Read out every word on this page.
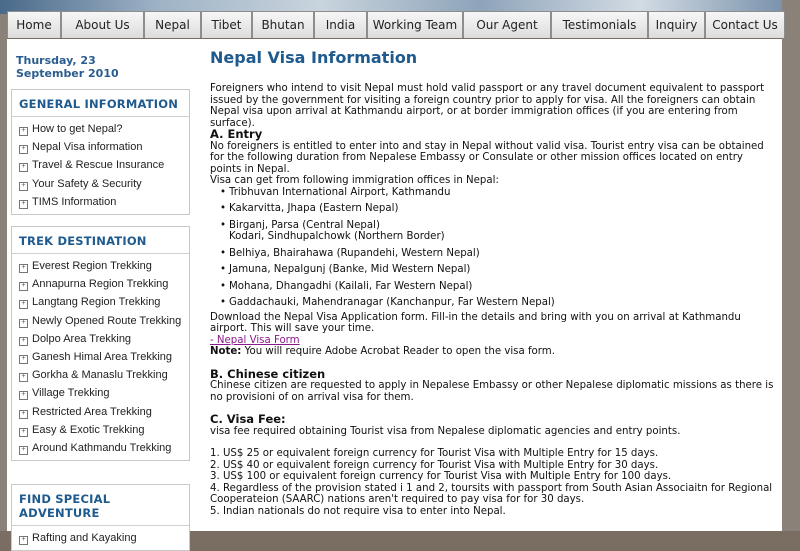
Home	About Us	Nepal	Tibet	Bhutan	India	Working Team	Our Agent	Testimonials	Inquiry	Contact Us
Thursday, 23 September 2010
GENERAL INFORMATION
+ How to get Nepal?
+ Nepal Visa information
+ Travel & Rescue Insurance
+ Your Safety & Security
+ TIMS Information
TREK DESTINATION
+ Everest Region Trekking
+ Annapurna Region Trekking
+ Langtang Region Trekking
+ Newly Opened Route Trekking
+ Dolpo Area Trekking
+ Ganesh Himal Area Trekking
+ Gorkha & Manaslu Trekking
+ Village Trekking
+ Restricted Area Trekking
+ Easy & Exotic Trekking
+ Around Kathmandu Trekking
FIND SPECIAL ADVENTURE
+ Rafting and Kayaking
Nepal Visa Information

Foreigners who intend to visit Nepal must hold valid passport or any travel document equivalent to passport issued by the government for visiting a foreign country prior to apply for visa. All the foreigners can obtain Nepal visa upon arrival at Kathmandu airport, or at border immigration offices (if you are entering from surface).

A. Entry

No foreigners is entitled to enter into and stay in Nepal without valid visa. Tourist entry visa can be obtained for the following duration from Nepalese Embassy or Consulate or other mission offices located on entry points in Nepal.

Visa can get from following immigration offices in Nepal:

• Tribhuvan International Airport, Kathmandu
• Kakarvitta, Jhapa (Eastern Nepal)
• Birganj, Parsa (Central Nepal)
Kodari, Sindhupalchowk (Northern Border)
• Belhiya, Bhairahawa (Rupandehi, Western Nepal)
• Jamuna, Nepalgunj (Banke, Mid Western Nepal)
• Mohana, Dhangadhi (Kailali, Far Western Nepal)
• Gaddachauki, Mahendranagar (Kanchanpur, Far Western Nepal)

Download the Nepal Visa Application form. Fill-in the details and bring with you on arrival at Kathmandu airport. This will save your time.

- Nepal Visa Form

Note: You will require Adobe Acrobat Reader to open the visa form.

B. Chinese citizen

Chinese citizen are requested to apply in Nepalese Embassy or other Nepalese diplomatic missions as there is no provisioni of on arrival visa for them.

C. Visa Fee:

visa fee required obtaining Tourist visa from Nepalese diplomatic agencies and entry points.

1. US$ 25 or equivalent foreign currency for Tourist Visa with Multiple Entry for 15 days.

2. US$ 40 or equivalent foreign currency for Tourist Visa with Multiple Entry for 30 days.

3. US$ 100 or equivalent foreign currency for Tourist Visa with Multiple Entry for 100 days.

4. Regardless of the provision stated i 1 and 2, toursits with passport from South Asian Associaitn for Regional Cooperateion (SAARC) nations aren't required to pay visa for for 30 days.

5. Indian nationals do not require visa to enter into Nepal.
